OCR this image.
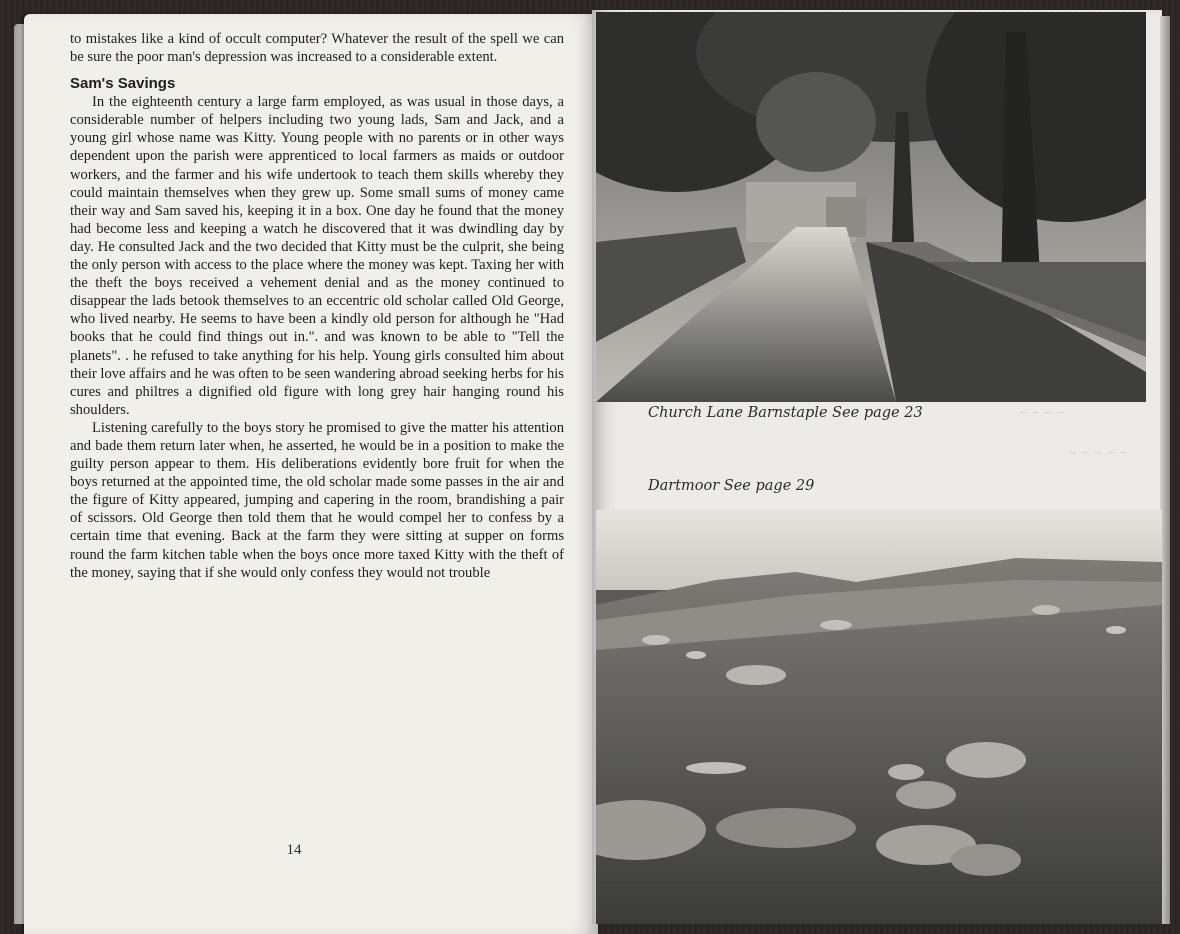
to mistakes like a kind of occult computer? Whatever the result of the spell we can be sure the poor man's depression was increased to a considerable extent.

Sam's Savings

In the eighteenth century a large farm employed, as was usual in those days, a considerable number of helpers including two young lads, Sam and Jack, and a young girl whose name was Kitty. Young people with no parents or in other ways dependent upon the parish were apprenticed to local farmers as maids or outdoor workers, and the farmer and his wife undertook to teach them skills whereby they could maintain themselves when they grew up. Some small sums of money came their way and Sam saved his, keeping it in a box. One day he found that the money had become less and keeping a watch he discovered that it was dwindling day by day. He consulted Jack and the two decided that Kitty must be the culprit, she being the only person with access to the place where the money was kept. Taxing her with the theft the boys received a vehement denial and as the money continued to disappear the lads betook themselves to an eccentric old scholar called Old George, who lived nearby. He seems to have been a kindly old person for although he "Had books that he could find things out in.". and was known to be able to "Tell the planets". . he refused to take anything for his help. Young girls consulted him about their love affairs and he was often to be seen wandering abroad seeking herbs for his cures and philtres a dignified old figure with long grey hair hanging round his shoulders.

Listening carefully to the boys story he promised to give the matter his attention and bade them return later when, he asserted, he would be in a position to make the guilty person appear to them. His deliberations evidently bore fruit for when the boys returned at the appointed time, the old scholar made some passes in the air and the figure of Kitty appeared, jumping and capering in the room, brandishing a pair of scissors. Old George then told them that he would compel her to confess by a certain time that evening. Back at the farm they were sitting at supper on forms round the farm kitchen table when the boys once more taxed Kitty with the theft of the money, saying that if she would only confess they would not trouble

14
~ ~ ~ ~
~ ~ ~ ~ ~
Church Lane Barnstaple See page 23
Dartmoor See page 29
